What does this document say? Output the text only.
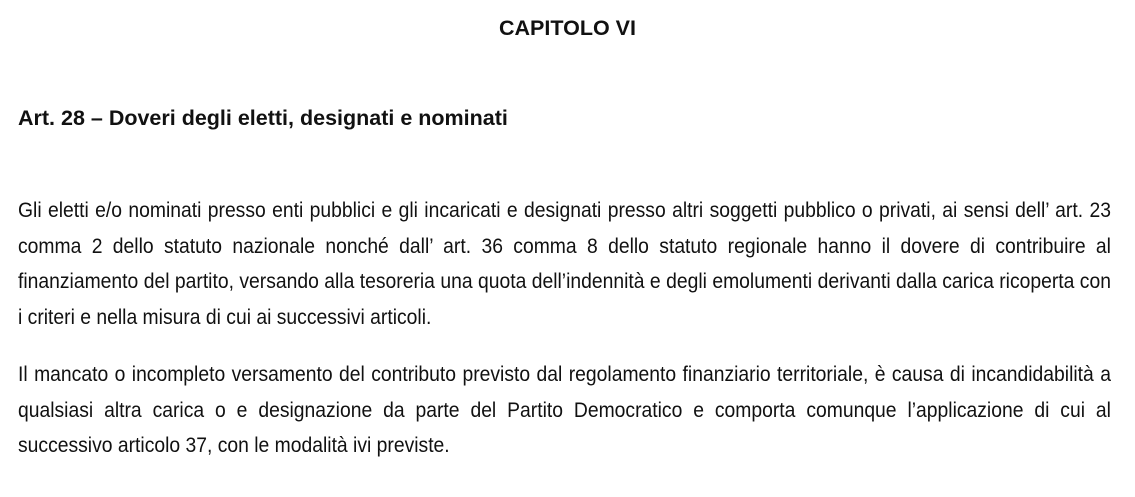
CAPITOLO VI
Art. 28 – Doveri degli eletti, designati e nominati

Gli eletti e/o nominati presso enti pubblici e gli incaricati e designati presso altri soggetti pubblico o privati, ai sensi dell’ art. 23 comma 2 dello statuto nazionale nonché dall’ art. 36 comma 8 dello statuto regionale hanno il dovere di contribuire al finanziamento del partito, versando alla tesoreria una quota dell’indennità e degli emolumenti derivanti dalla carica ricoperta con i criteri e nella misura di cui ai successivi articoli.

Il mancato o incompleto versamento del contributo previsto dal regolamento finanziario territoriale, è causa di incandidabilità a qualsiasi altra carica o e designazione da parte del Partito Democratico e comporta comunque l’applicazione di cui al successivo articolo 37, con le modalità ivi previste.
